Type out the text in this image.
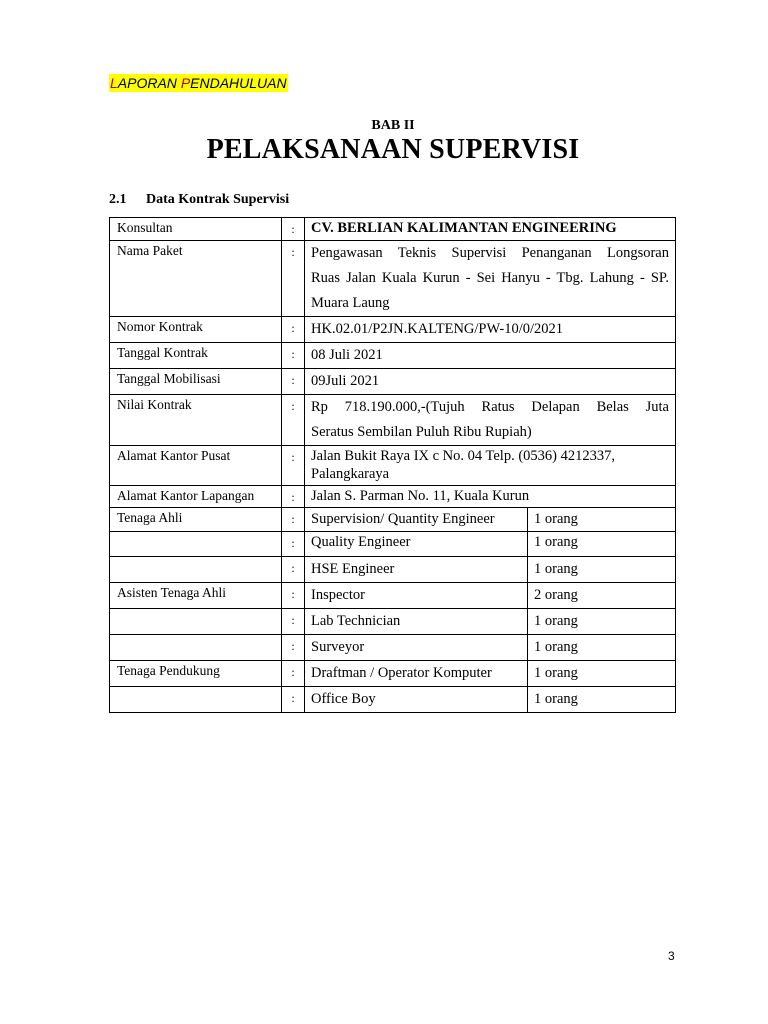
LAPORAN PENDAHULUAN
BAB II
PELAKSANAAN SUPERVISI
2.1 Data Kontrak Supervisi
Konsultan	:	CV. BERLIAN KALIMANTAN ENGINEERING	
Nama Paket	:	Pengawasan Teknis Supervisi Penanganan Longsoran
Ruas Jalan Kuala Kurun - Sei Hanyu - Tbg. Lahung - SP.
Muara Laung	

Nomor Kontrak	:	HK.02.01/P2JN.KALTENG/PW-10/0/2021	
Tanggal Kontrak	:	08 Juli 2021	
Tanggal Mobilisasi	:	09Juli 2021	
Nilai Kontrak	:	Rp 718.190.000,-(Tujuh Ratus Delapan Belas Juta
Seratus Sembilan Puluh Ribu Rupiah)	

Alamat Kantor Pusat	:	Jalan Bukit Raya IX c No. 04 Telp. (0536) 4212337,
Palangkaraya	

Alamat Kantor Lapangan	:	Jalan S. Parman No. 11, Kuala Kurun	
Tenaga Ahli	:	Supervision/ Quantity Engineer	1 orang
	:	Quality Engineer	1 orang
	:	HSE Engineer	1 orang
Asisten Tenaga Ahli	:	Inspector	2 orang
	:	Lab Technician	1 orang
	:	Surveyor	1 orang
Tenaga Pendukung	:	Draftman / Operator Komputer	1 orang
	:	Office Boy	1 orang
3
